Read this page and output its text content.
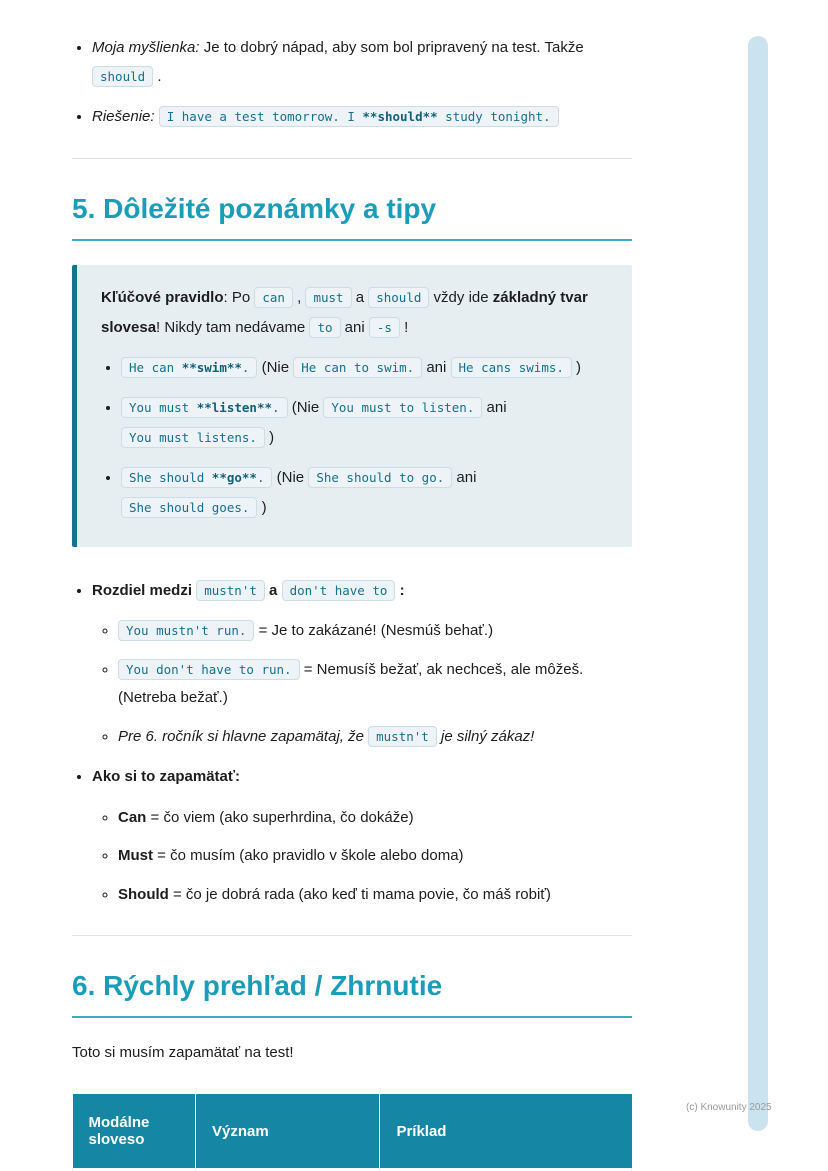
• Moja myšlienka: Je to dobrý nápad, aby som bol pripravený na test. Takže should .
• Riešenie: I have a test tomorrow. I **should** study tonight.
5. Dôležité poznámky a tipy
Kľúčové pravidlo: Po can , must a should vždy ide základný tvar slovesa! Nikdy tam nedávame to ani -s !
• He can **swim**. (Nie He can to swim. ani He cans swims. )
• You must **listen**. (Nie You must to listen. ani You must listens. )
• She should **go**. (Nie She should to go. ani She should goes. )
• Rozdiel medzi mustn't a don't have to :
◦ You mustn't run. = Je to zakázané! (Nesmúš behať.)
◦ You don't have to run. = Nemusíš bežať, ak nechceš, ale môžeš. (Netreba bežať.)
◦ Pre 6. ročník si hlavne zapamätaj, že mustn't je silný zákaz!
• Ako si to zapamätať:
◦ Can = čo viem (ako superhrdina, čo dokáže)
◦ Must = čo musím (ako pravidlo v škole alebo doma)
◦ Should = čo je dobrá rada (ako keď ti mama povie, čo máš robiť)
6. Rýchly prehľad / Zhrnutie

Toto si musím zapamätať na test!

Modálne sloveso	Význam	Príklad

(c) Knowunity 2025
